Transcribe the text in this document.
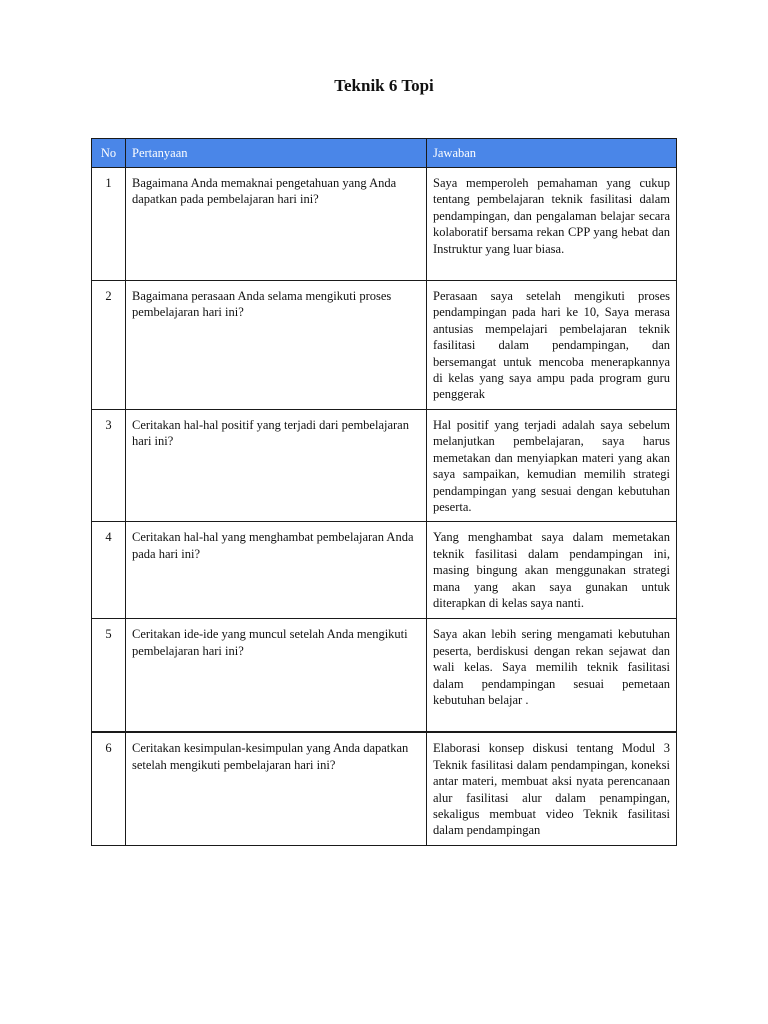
Teknik 6 Topi
No	Pertanyaan	Jawaban
1	Bagaimana Anda memaknai pengetahuan yang Anda dapatkan pada pembelajaran hari ini?	Saya memperoleh pemahaman yang cukup tentang pembelajaran teknik fasilitasi dalam pendampingan, dan pengalaman belajar secara kolaboratif bersama rekan CPP yang hebat dan Instruktur yang luar biasa.
2	Bagaimana perasaan Anda selama mengikuti proses pembelajaran hari ini?	Perasaan saya setelah mengikuti proses pendampingan pada hari ke 10, Saya merasa antusias mempelajari pembelajaran teknik fasilitasi dalam pendampingan, dan bersemangat untuk mencoba menerapkannya di kelas yang saya ampu pada program guru penggerak
3	Ceritakan hal-hal positif yang terjadi dari pembelajaran hari ini?	Hal positif yang terjadi adalah saya sebelum melanjutkan pembelajaran, saya harus memetakan dan menyiapkan materi yang akan saya sampaikan, kemudian memilih strategi pendampingan yang sesuai dengan kebutuhan peserta.
4	Ceritakan hal-hal yang menghambat pembelajaran Anda pada hari ini?	Yang menghambat saya dalam memetakan teknik fasilitasi dalam pendampingan ini, masing bingung akan menggunakan strategi mana yang akan saya gunakan untuk diterapkan di kelas saya nanti.
5	Ceritakan ide-ide yang muncul setelah Anda mengikuti pembelajaran hari ini?	Saya akan lebih sering mengamati kebutuhan peserta, berdiskusi dengan rekan sejawat dan wali kelas. Saya memilih teknik fasilitasi dalam pendampingan sesuai pemetaan kebutuhan belajar .
6	Ceritakan kesimpulan-kesimpulan yang Anda dapatkan setelah mengikuti pembelajaran hari ini?	Elaborasi konsep diskusi tentang Modul 3 Teknik fasilitasi dalam pendampingan, koneksi antar materi, membuat aksi nyata perencanaan alur fasilitasi alur dalam penampingan, sekaligus membuat video Teknik fasilitasi dalam pendampingan
